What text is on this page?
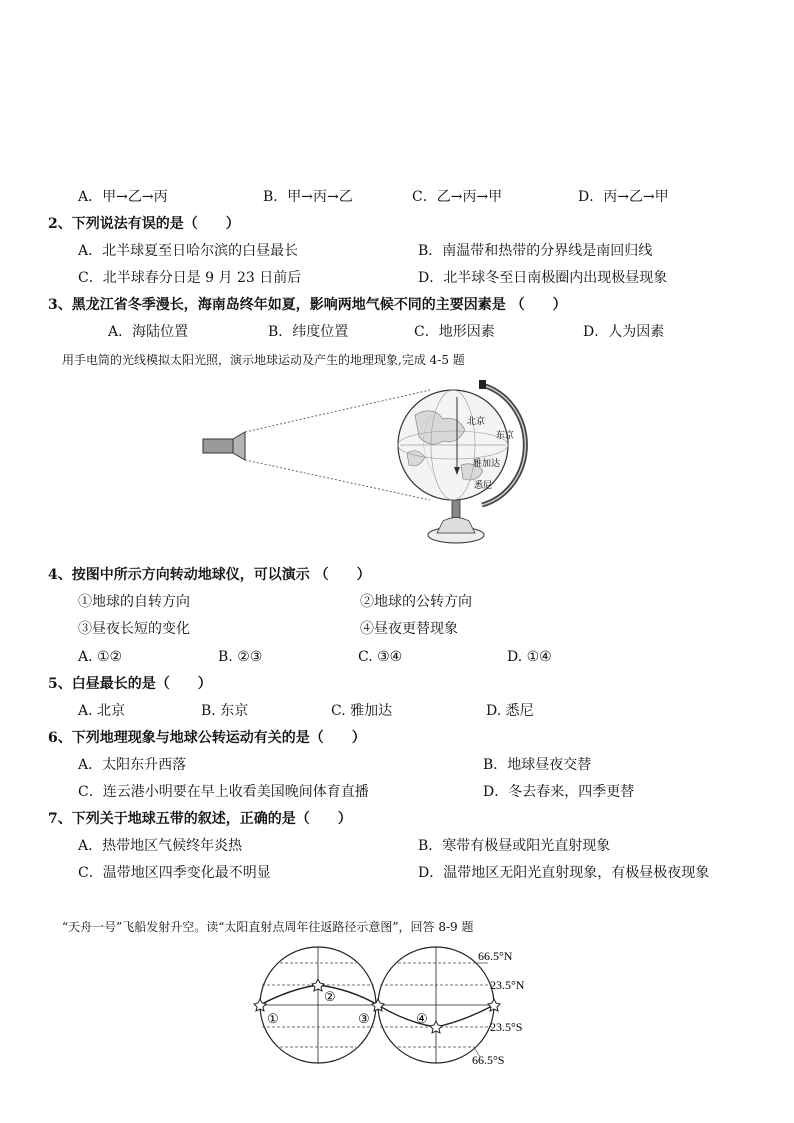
A．甲→乙→丙	B．甲→丙→乙	C．乙→丙→甲	D．丙→乙→甲
2、下列说法有误的是（　　）
A．北半球夏至日哈尔滨的白昼最长	B．南温带和热带的分界线是南回归线
C．北半球春分日是 9 月 23 日前后	D．北半球冬至日南极圈内出现极昼现象
3、黑龙江省冬季漫长，海南岛终年如夏，影响两地气候不同的主要因素是 （　　）
A．海陆位置	B．纬度位置	C．地形因素	D．人为因素
用手电筒的光线模拟太阳光照，演示地球运动及产生的地理现象,完成 4-5 题
北京
东京
雅加达
悉尼
4、按图中所示方向转动地球仪，可以演示 （　　）
①地球的自转方向	②地球的公转方向
③昼夜长短的变化	④昼夜更替现象
A. ①②	B. ②③	C. ③④	D. ①④
5、白昼最长的是（　　）
A. 北京	B. 东京	C. 雅加达	D. 悉尼
6、下列地理现象与地球公转运动有关的是（　　）
A．太阳东升西落	B．地球昼夜交替
C．连云港小明要在早上收看美国晚间体育直播	D．冬去春来，四季更替
7、下列关于地球五带的叙述，正确的是（　　）
A．热带地区气候终年炎热	B．寒带有极昼或阳光直射现象
C．温带地区四季变化最不明显	D．温带地区无阳光直射现象，有极昼极夜现象
“天舟一号”飞船发射升空。读“太阳直射点周年往返路径示意图”，回答 8-9 题
①
②
③	④
66.5°N
23.5°N
23.5°S
66.5°S
